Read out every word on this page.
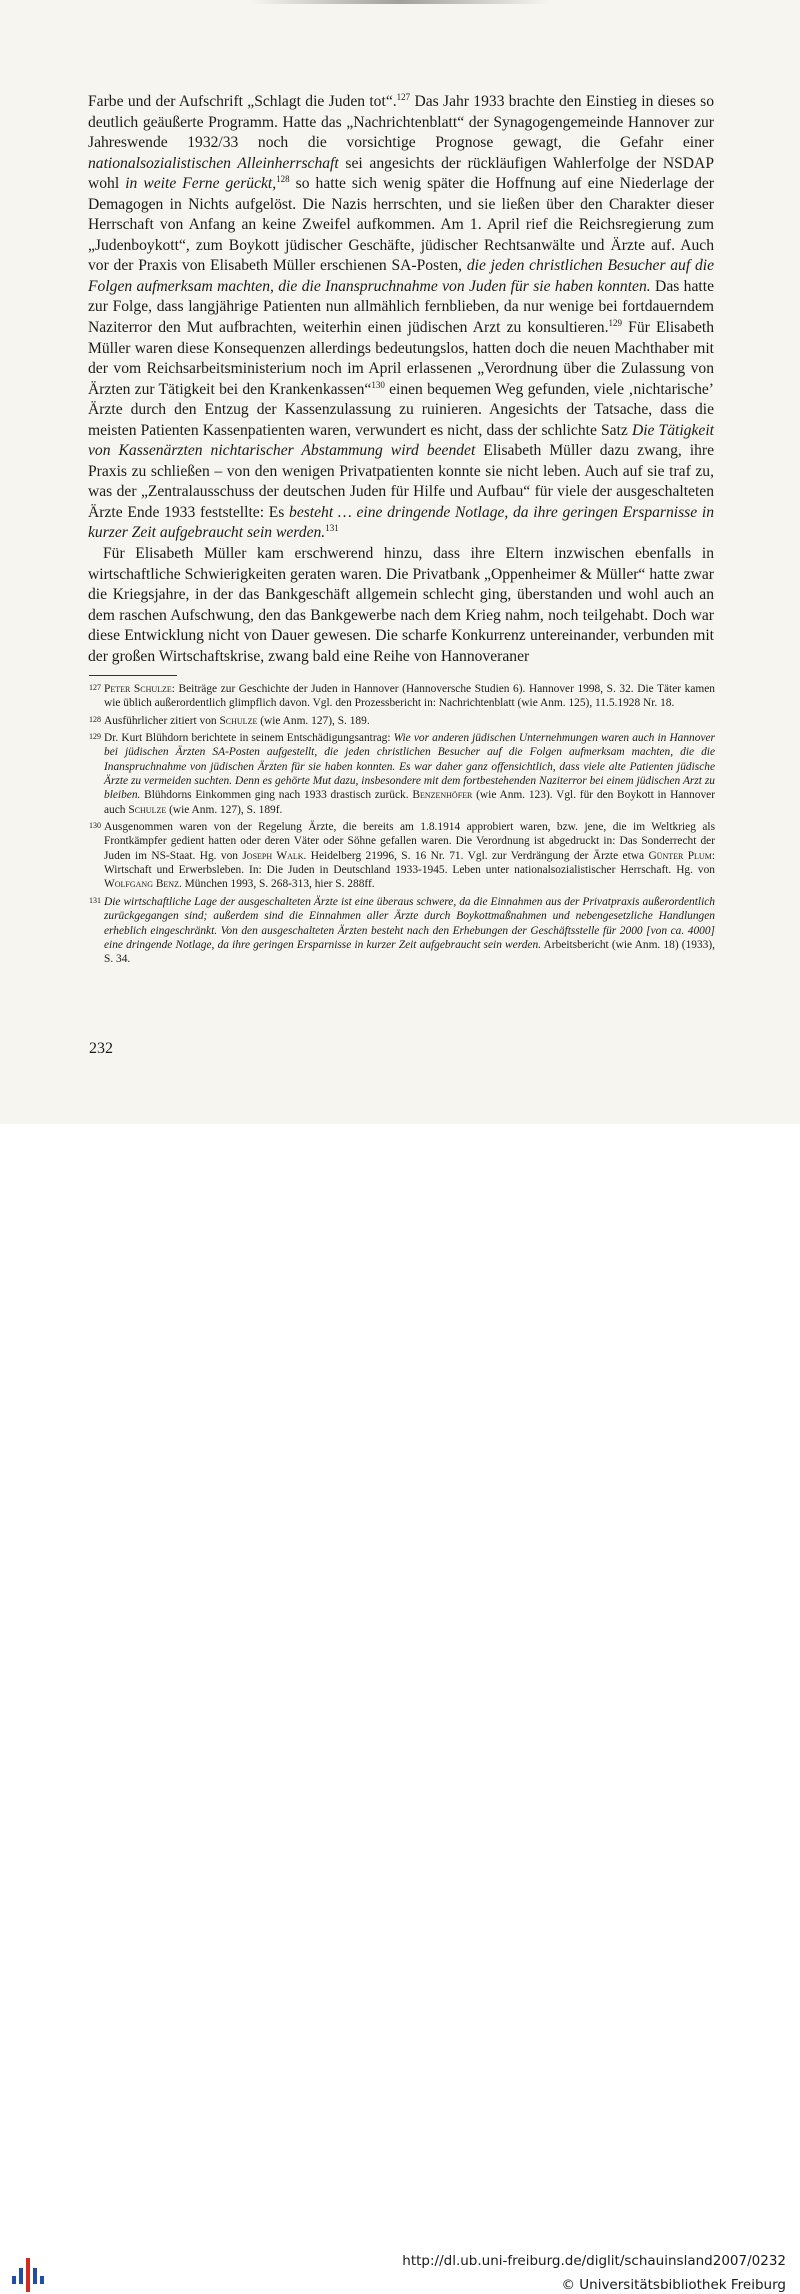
Farbe und der Aufschrift „Schlagt die Juden tot“.$^{127}$ Das Jahr 1933 brachte den Einstieg in dieses so deutlich geäußerte Programm. Hatte das „Nachrichtenblatt“ der Synagogengemeinde Hannover zur Jahreswende 1932/33 noch die vorsichtige Prognose gewagt, die Gefahr einer nationalsozialistischen Alleinherrschaft sei angesichts der rückläufigen Wahlerfolge der NSDAP wohl in weite Ferne gerückt,$^{128}$ so hatte sich wenig später die Hoffnung auf eine Niederlage der Demagogen in Nichts aufgelöst. Die Nazis herrschten, und sie ließen über den Charakter dieser Herrschaft von Anfang an keine Zweifel aufkommen. Am 1. April rief die Reichsregierung zum „Judenboykott“, zum Boykott jüdischer Geschäfte, jüdischer Rechtsanwälte und Ärzte auf. Auch vor der Praxis von Elisabeth Müller erschienen SA-Posten, die jeden christlichen Besucher auf die Folgen aufmerksam machten, die die Inanspruchnahme von Juden für sie haben konnten. Das hatte zur Folge, dass langjährige Patienten nun allmählich fernblieben, da nur wenige bei fortdauerndem Naziterror den Mut aufbrachten, weiterhin einen jüdischen Arzt zu konsultieren.$^{129}$ Für Elisabeth Müller waren diese Konsequenzen allerdings bedeutungslos, hatten doch die neuen Machthaber mit der vom Reichsarbeitsministerium noch im April erlassenen „Verordnung über die Zulassung von Ärzten zur Tätigkeit bei den Krankenkassen“$^{130}$ einen bequemen Weg gefunden, viele ‚nichtarische’ Ärzte durch den Entzug der Kassenzulassung zu ruinieren. Angesichts der Tatsache, dass die meisten Patienten Kassenpatienten waren, verwundert es nicht, dass der schlichte Satz Die Tätigkeit von Kassenärzten nichtarischer Abstammung wird beendet Elisabeth Müller dazu zwang, ihre Praxis zu schließen – von den wenigen Privatpatienten konnte sie nicht leben. Auch auf sie traf zu, was der „Zentralausschuss der deutschen Juden für Hilfe und Aufbau“ für viele der ausgeschalteten Ärzte Ende 1933 feststellte: Es besteht … eine dringende Notlage, da ihre geringen Ersparnisse in kurzer Zeit aufgebraucht sein werden.$^{131}$

Für Elisabeth Müller kam erschwerend hinzu, dass ihre Eltern inzwischen ebenfalls in wirtschaftliche Schwierigkeiten geraten waren. Die Privatbank „Oppenheimer & Müller“ hatte zwar die Kriegsjahre, in der das Bankgeschäft allgemein schlecht ging, überstanden und wohl auch an dem raschen Aufschwung, den das Bankgewerbe nach dem Krieg nahm, noch teilgehabt. Doch war diese Entwicklung nicht von Dauer gewesen. Die scharfe Konkurrenz untereinander, verbunden mit der großen Wirtschaftskrise, zwang bald eine Reihe von Hannoveraner

127 Peter Schulze: Beiträge zur Geschichte der Juden in Hannover (Hannoversche Studien 6). Hannover 1998, S. 32. Die Täter kamen wie üblich außerordentlich glimpflich davon. Vgl. den Prozessbericht in: Nachrichtenblatt (wie Anm. 125), 11.5.1928 Nr. 18.
128 Ausführlicher zitiert von Schulze (wie Anm. 127), S. 189.
129 Dr. Kurt Blühdorn berichtete in seinem Entschädigungsantrag: Wie vor anderen jüdischen Unternehmungen waren auch in Hannover bei jüdischen Ärzten SA-Posten aufgestellt, die jeden christlichen Besucher auf die Folgen aufmerksam machten, die die Inanspruchnahme von jüdischen Ärzten für sie haben konnten. Es war daher ganz offensichtlich, dass viele alte Patienten jüdische Ärzte zu vermeiden suchten. Denn es gehörte Mut dazu, insbesondere mit dem fortbestehenden Naziterror bei einem jüdischen Arzt zu bleiben. Blühdorns Einkommen ging nach 1933 drastisch zurück. Benzenhöfer (wie Anm. 123). Vgl. für den Boykott in Hannover auch Schulze (wie Anm. 127), S. 189f.
130 Ausgenommen waren von der Regelung Ärzte, die bereits am 1.8.1914 approbiert waren, bzw. jene, die im Weltkrieg als Frontkämpfer gedient hatten oder deren Väter oder Söhne gefallen waren. Die Verordnung ist abgedruckt in: Das Sonderrecht der Juden im NS-Staat. Hg. von Joseph Walk. Heidelberg 21996, S. 16 Nr. 71. Vgl. zur Verdrängung der Ärzte etwa Günter Plum: Wirtschaft und Erwerbsleben. In: Die Juden in Deutschland 1933-1945. Leben unter nationalsozialistischer Herrschaft. Hg. von Wolfgang Benz. München 1993, S. 268-313, hier S. 288ff.
131 Die wirtschaftliche Lage der ausgeschalteten Ärzte ist eine überaus schwere, da die Einnahmen aus der Privatpraxis außerordentlich zurückgegangen sind; außerdem sind die Einnahmen aller Ärzte durch Boykottmaßnahmen und nebengesetzliche Handlungen erheblich eingeschränkt. Von den ausgeschalteten Ärzten besteht nach den Erhebungen der Geschäftsstelle für 2000 [von ca. 4000] eine dringende Notlage, da ihre geringen Ersparnisse in kurzer Zeit aufgebraucht sein werden. Arbeitsbericht (wie Anm. 18) (1933), S. 34.
232
http://dl.ub.uni-freiburg.de/diglit/schauinsland2007/0232
© Universitätsbibliothek Freiburg
